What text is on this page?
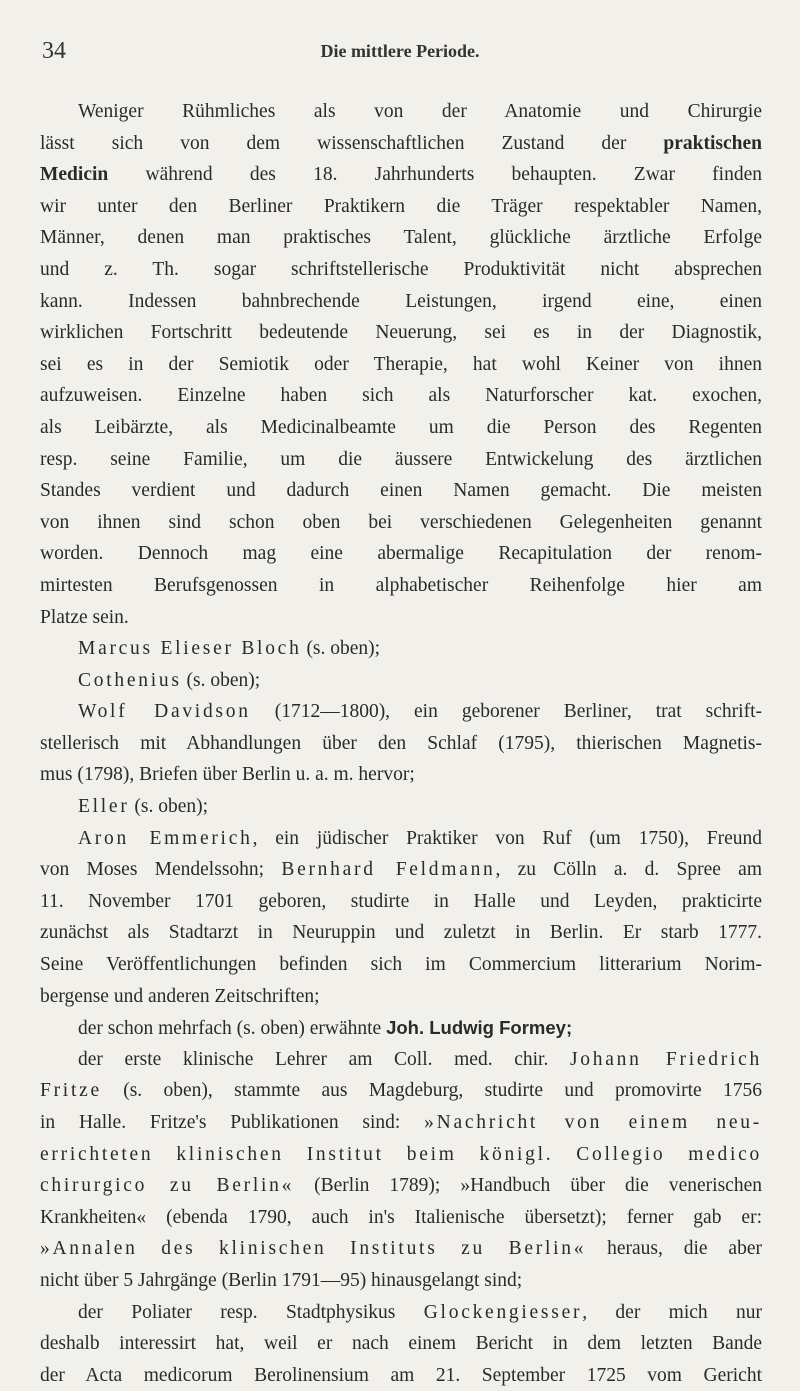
34	Die mittlere Periode.
Weniger Rühmliches als von der Anatomie und Chirurgie
lässt sich von dem wissenschaftlichen Zustand der praktischen
Medicin während des 18. Jahrhunderts behaupten. Zwar finden
wir unter den Berliner Praktikern die Träger respektabler Namen,
Männer, denen man praktisches Talent, glückliche ärztliche Erfolge
und z. Th. sogar schriftstellerische Produktivität nicht absprechen
kann. Indessen bahnbrechende Leistungen, irgend eine, einen
wirklichen Fortschritt bedeutende Neuerung, sei es in der Diagnostik,
sei es in der Semiotik oder Therapie, hat wohl Keiner von ihnen
aufzuweisen. Einzelne haben sich als Naturforscher kat. exochen,
als Leibärzte, als Medicinalbeamte um die Person des Regenten
resp. seine Familie, um die äussere Entwickelung des ärztlichen
Standes verdient und dadurch einen Namen gemacht. Die meisten
von ihnen sind schon oben bei verschiedenen Gelegenheiten genannt
worden. Dennoch mag eine abermalige Recapitulation der renom-
mirtesten Berufsgenossen in alphabetischer Reihenfolge hier am
Platze sein.
Marcus Elieser Bloch (s. oben);
Cothenius (s. oben);
Wolf Davidson (1712—1800), ein geborener Berliner, trat schrift-
stellerisch mit Abhandlungen über den Schlaf (1795), thierischen Magnetis-
mus (1798), Briefen über Berlin u. a. m. hervor;
Eller (s. oben);
Aron Emmerich, ein jüdischer Praktiker von Ruf (um 1750), Freund
von Moses Mendelssohn; Bernhard Feldmann, zu Cölln a. d. Spree am
11. November 1701 geboren, studirte in Halle und Leyden, prakticirte
zunächst als Stadtarzt in Neuruppin und zuletzt in Berlin. Er starb 1777.
Seine Veröffentlichungen befinden sich im Commercium litterarium Norim-
bergense und anderen Zeitschriften;
der schon mehrfach (s. oben) erwähnte Joh. Ludwig Formey;
der erste klinische Lehrer am Coll. med. chir. Johann Friedrich
Fritze (s. oben), stammte aus Magdeburg, studirte und promovirte 1756
in Halle. Fritze's Publikationen sind: »Nachricht von einem neu-
errichteten klinischen Institut beim königl. Collegio medico
chirurgico zu Berlin« (Berlin 1789); »Handbuch über die venerischen
Krankheiten« (ebenda 1790, auch in's Italienische übersetzt); ferner gab er:
»Annalen des klinischen Instituts zu Berlin« heraus, die aber
nicht über 5 Jahrgänge (Berlin 1791—95) hinausgelangt sind;
der Poliater resp. Stadtphysikus Glockengiesser, der mich nur
deshalb interessirt hat, weil er nach einem Bericht in dem letzten Bande
der Acta medicorum Berolinensium am 21. September 1725 vom Gericht
